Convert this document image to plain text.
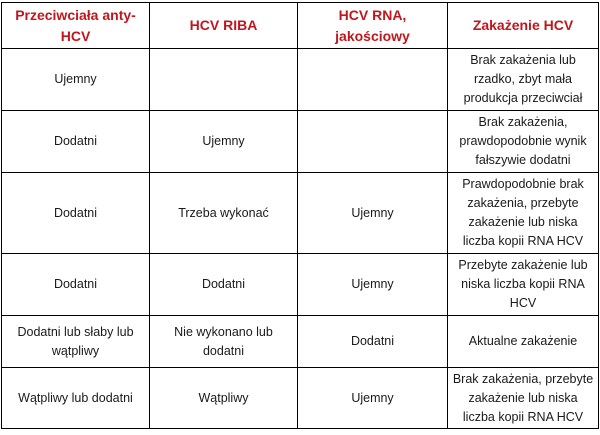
Przeciwciała anty-HCV	HCV RIBA	HCV RNA, jakościowy	Zakażenie HCV
Ujemny			Brak zakażenia lub rzadko, zbyt mała produkcja przeciwciał
Dodatni	Ujemny		Brak zakażenia, prawdopodobnie wynik fałszywie dodatni
Dodatni	Trzeba wykonać	Ujemny	Prawdopodobnie brak zakażenia, przebyte zakażenie lub niska liczba kopii RNA HCV
Dodatni	Dodatni	Ujemny	Przebyte zakażenie lub niska liczba kopii RNA HCV
Dodatni lub słaby lub wątpliwy	Nie wykonano lub dodatni	Dodatni	Aktualne zakażenie
Wątpliwy lub dodatni	Wątpliwy	Ujemny	Brak zakażenia, przebyte zakażenie lub niska liczba kopii RNA HCV
